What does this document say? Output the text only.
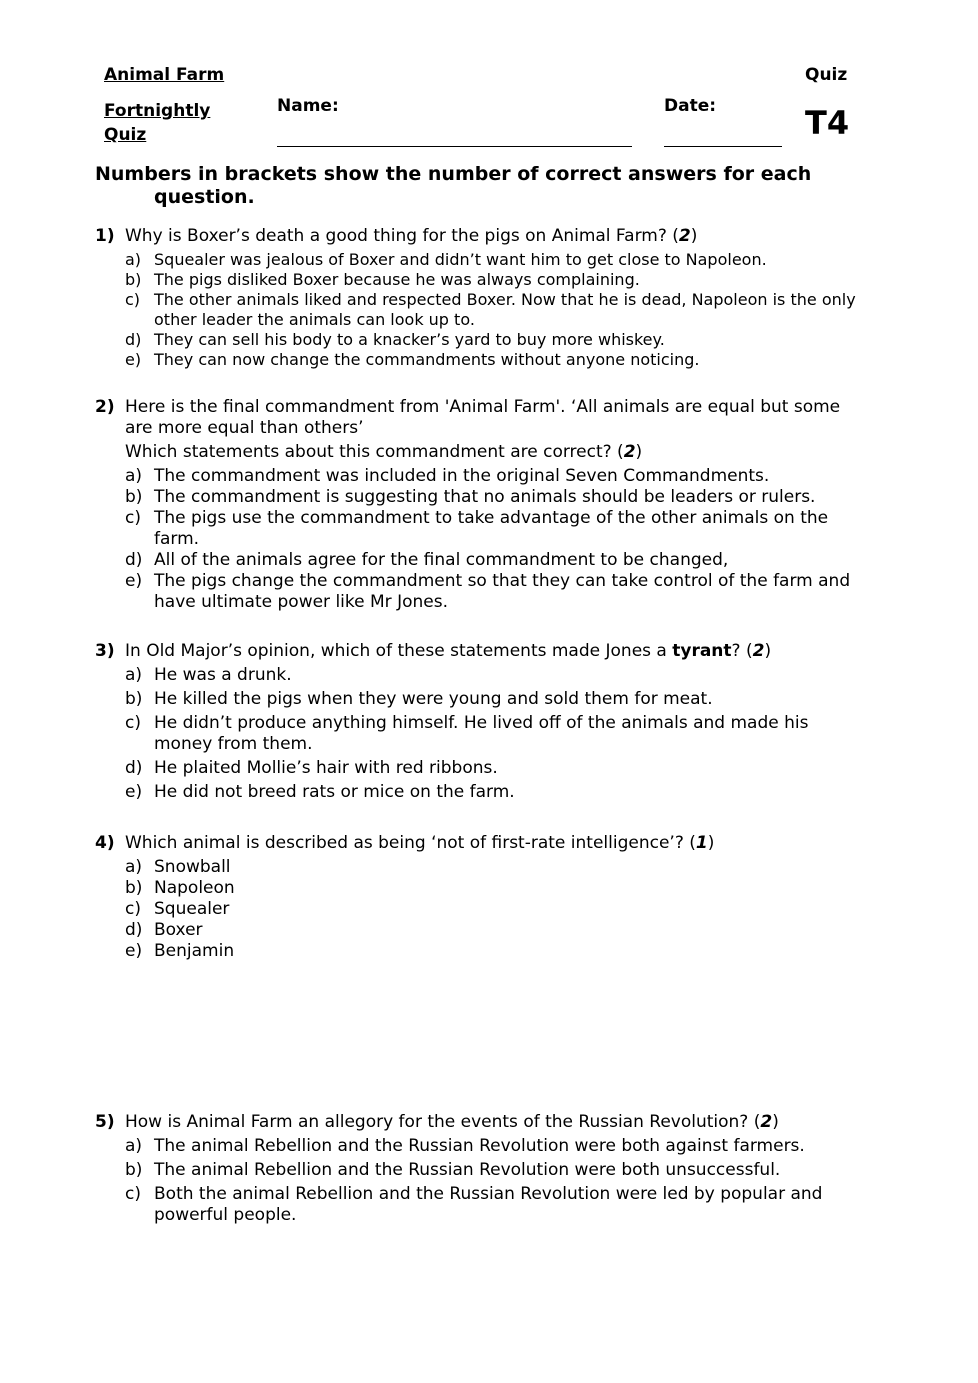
Animal Farm
Fortnightly Quiz
Name:	Date:
Quiz
T4
Numbers in brackets show the number of correct answers for each
question.
1) Why is Boxer’s death a good thing for the pigs on Animal Farm? (2)
a) Squealer was jealous of Boxer and didn’t want him to get close to Napoleon.
b) The pigs disliked Boxer because he was always complaining.
c) The other animals liked and respected Boxer. Now that he is dead, Napoleon is the only other leader the animals can look up to.
d) They can sell his body to a knacker’s yard to buy more whiskey.
e) They can now change the commandments without anyone noticing.
2) Here is the final commandment from 'Animal Farm'. ‘All animals are equal but some are more equal than others’
Which statements about this commandment are correct? (2)
a) The commandment was included in the original Seven Commandments.
b) The commandment is suggesting that no animals should be leaders or rulers.
c) The pigs use the commandment to take advantage of the other animals on the farm.
d) All of the animals agree for the final commandment to be changed,
e) The pigs change the commandment so that they can take control of the farm and have ultimate power like Mr Jones.
3) In Old Major’s opinion, which of these statements made Jones a tyrant? (2)
a) He was a drunk.
b) He killed the pigs when they were young and sold them for meat.
c) He didn’t produce anything himself. He lived off of the animals and made his money from them.
d) He plaited Mollie’s hair with red ribbons.
e) He did not breed rats or mice on the farm.
4) Which animal is described as being ‘not of first-rate intelligence’? (1)
a) Snowball
b) Napoleon
c) Squealer
d) Boxer
e) Benjamin
5) How is Animal Farm an allegory for the events of the Russian Revolution? (2)
a) The animal Rebellion and the Russian Revolution were both against farmers.
b) The animal Rebellion and the Russian Revolution were both unsuccessful.
c) Both the animal Rebellion and the Russian Revolution were led by popular and powerful people.
